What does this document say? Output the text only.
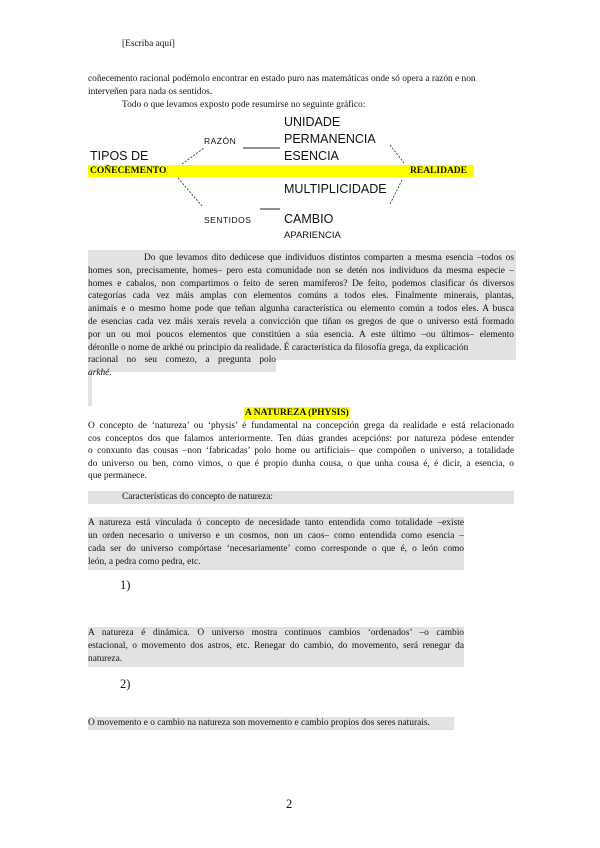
[Escriba aquí]
coñecemento racional podémolo encontrar en estado puro nas matemáticas onde só opera a razón e non
interveñen para nada os sentidos.
Todo o que levamos exposto pode resumirse no seguinte gráfico:
UNIDADE
PERMANENCIA
ESENCIA
RAZÓN
TIPOS DE
COÑECEMENTO	REALIDADE
MULTIPLICIDADE
SENTIDOS	CAMBIO
APARIENCIA
Do que levamos dito dedúcese que individuos distintos comparten a mesma esencia –todos os
homes son, precisamente, homes– pero esta comunidade non se detén nos individuos da mesma especie –
homes e cabalos, non compartimos o feito de seren mamíferos? De feito, podemos clasificar ós diversos
categorías cada vez máis amplas con elementos comúns a todos eles. Finalmente minerais, plantas,
animais e o mesmo home pode que teñan algunha característica ou elemento común a todos eles. A busca
de esencias cada vez máis xerais revela a convicción que tiñan os gregos de que o universo está formado
por un ou moi poucos elementos que constitúen a súa esencia. A este último –ou últimos– elemento
déronlle o nome de arkhé ou principio da realidade. É característica da filosofía grega, da explicación
racional no seu comezo, a pregunta polo
arkhé.
A NATUREZA (PHYSIS)
O concepto de ‘natureza’ ou ‘physis’ é fundamental na concepción grega da realidade e está relacionado
cos conceptos dos que falamos anteriormente. Ten dúas grandes acepcións: por natureza pódese entender
o conxunto das cousas –non ‘fabricadas’ polo home ou artificiais– que compoñen o universo, a totalidade
do universo ou ben, como vimos, o que é propio dunha cousa, o que unha cousa é, é dicir, a esencia, o
que permanece.
Características do concepto de natureza:
A natureza está vinculada ó concepto de necesidade tanto entendida como totalidade –existe
un orden necesario o universo e un cosmos, non un caos– como entendida como esencia –
cada ser do universo compórtase ‘necesariamente’ como corresponde o que é, o león como
león, a pedra como pedra, etc.
1)
A natureza é dinámica. O universo mostra continuos cambios ‘ordenados’ –o cambio
estacional, o movemento dos astros, etc. Renegar do cambio, do movemento, será renegar da
natureza.
2)
O movemento e o cambio na natureza son movemento e cambio propios dos seres naturais.
2
